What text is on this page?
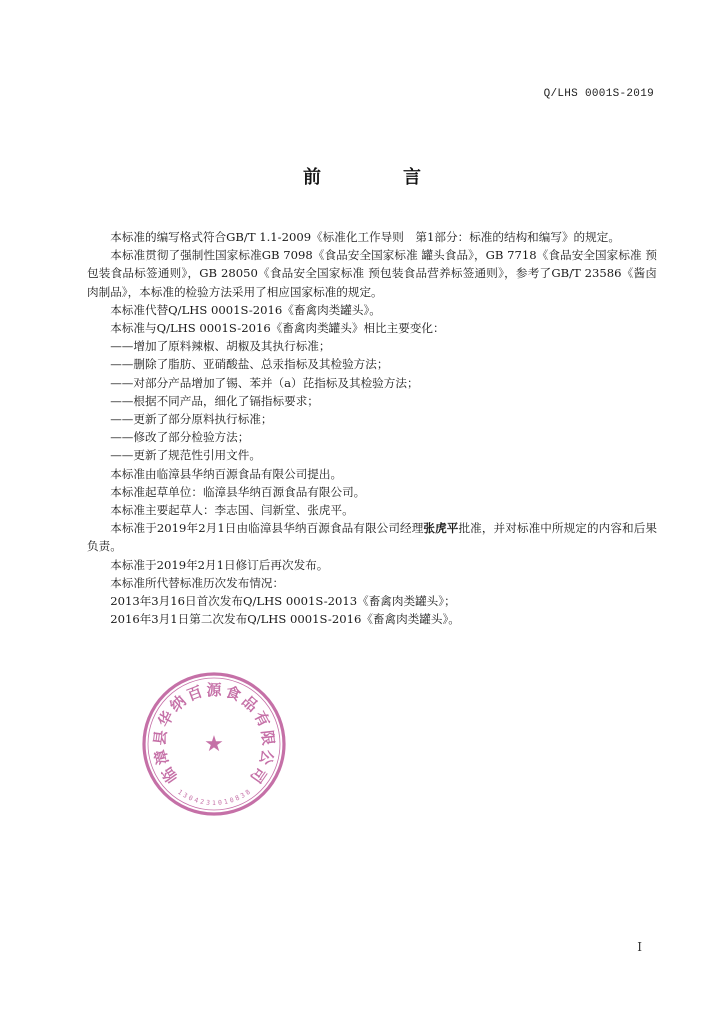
Q/LHS 0001S-2019
前　言

本标准的编写格式符合GB/T 1.1-2009《标准化工作导则　第1部分：标准的结构和编写》的规定。

本标准贯彻了强制性国家标准GB 7098《食品安全国家标准 罐头食品》，GB 7718《食品安全国家标准 预包装食品标签通则》，GB 28050《食品安全国家标准 预包装食品营养标签通则》，参考了GB/T 23586《酱卤肉制品》，本标准的检验方法采用了相应国家标准的规定。

本标准代替Q/LHS 0001S-2016《畜禽肉类罐头》。

本标准与Q/LHS 0001S-2016《畜禽肉类罐头》相比主要变化：

——增加了原料辣椒、胡椒及其执行标准；

——删除了脂肪、亚硝酸盐、总汞指标及其检验方法；

——对部分产品增加了锡、苯并（a）芘指标及其检验方法；

——根据不同产品，细化了镉指标要求；

——更新了部分原料执行标准；

——修改了部分检验方法；

——更新了规范性引用文件。

本标准由临漳县华纳百源食品有限公司提出。

本标准起草单位：临漳县华纳百源食品有限公司。

本标准主要起草人：李志国、闫新堂、张虎平。

本标准于2019年2月1日由临漳县华纳百源食品有限公司经理张虎平批准，并对标准中所规定的内容和后果负责。

本标准于2019年2月1日修订后再次发布。

本标准所代替标准历次发布情况：

2013年3月16日首次发布Q/LHS 0001S-2013《畜禽肉类罐头》；

2016年3月1日第二次发布Q/LHS 0001S-2016《畜禽肉类罐头》。

★
临
漳
县
华
纳
百 源 食
品
有
限
公
司
1
3
0 4 2 3 1 0 1 0 8
3
8
I
